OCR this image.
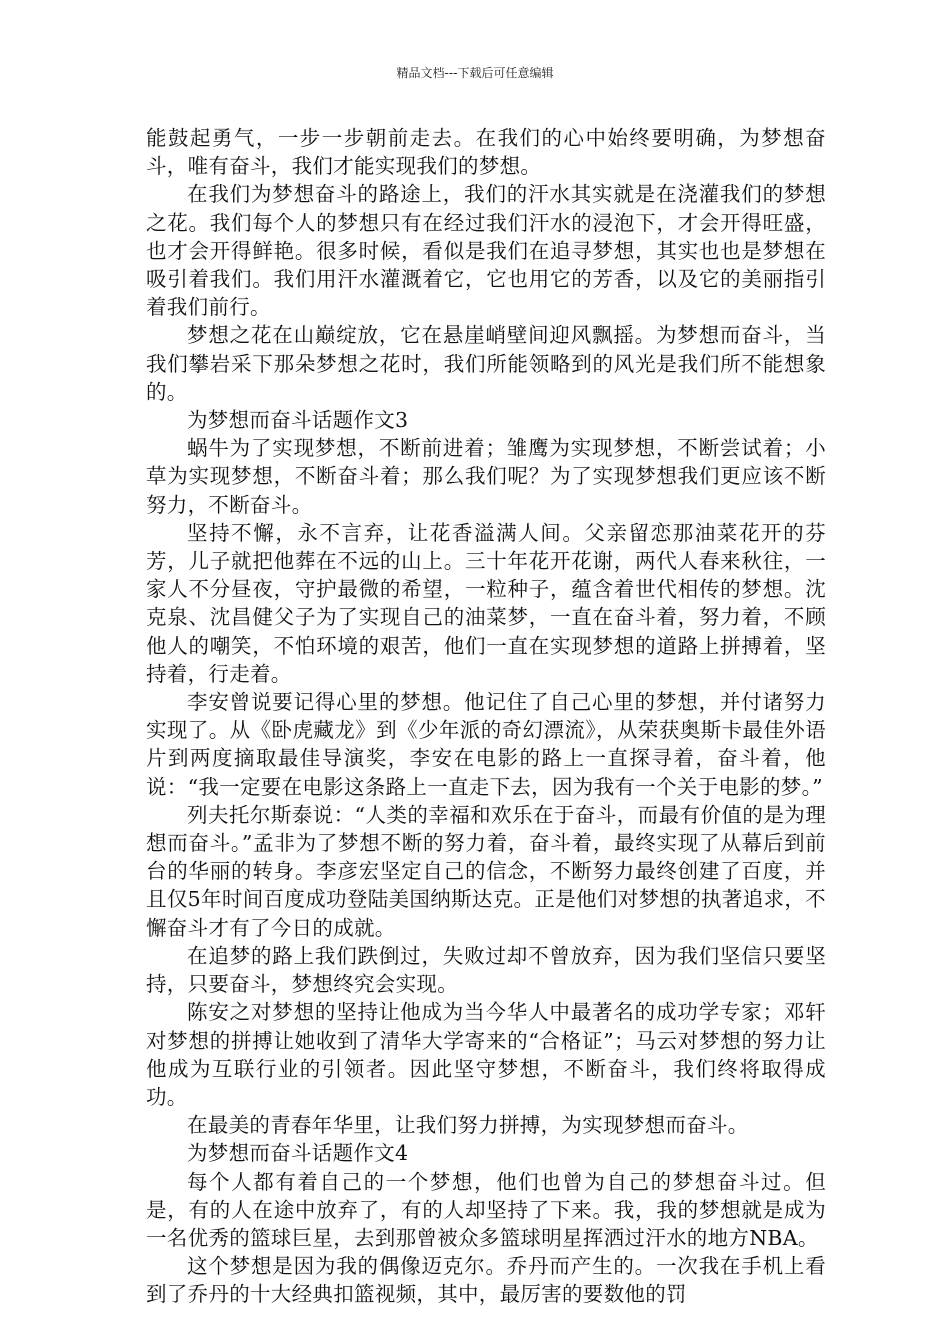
精品文档---下载后可任意编辑

能鼓起勇气，一步一步朝前走去。在我们的心中始终要明确，为梦想奋斗，唯有奋斗，我们才能实现我们的梦想。

在我们为梦想奋斗的路途上，我们的汗水其实就是在浇灌我们的梦想之花。我们每个人的梦想只有在经过我们汗水的浸泡下，才会开得旺盛，也才会开得鲜艳。很多时候，看似是我们在追寻梦想，其实也也是梦想在吸引着我们。我们用汗水灌溉着它，它也用它的芳香，以及它的美丽指引着我们前行。

梦想之花在山巅绽放，它在悬崖峭壁间迎风飘摇。为梦想而奋斗，当我们攀岩采下那朵梦想之花时，我们所能领略到的风光是我们所不能想象的。

为梦想而奋斗话题作文3

蜗牛为了实现梦想，不断前进着；雏鹰为实现梦想，不断尝试着；小草为实现梦想，不断奋斗着；那么我们呢？为了实现梦想我们更应该不断努力，不断奋斗。

坚持不懈，永不言弃，让花香溢满人间。父亲留恋那油菜花开的芬芳，儿子就把他葬在不远的山上。三十年花开花谢，两代人春来秋往，一家人不分昼夜，守护最微的希望，一粒种子，蕴含着世代相传的梦想。沈克泉、沈昌健父子为了实现自己的油菜梦，一直在奋斗着，努力着，不顾他人的嘲笑，不怕环境的艰苦，他们一直在实现梦想的道路上拼搏着，坚持着，行走着。

李安曾说要记得心里的梦想。他记住了自己心里的梦想，并付诸努力实现了。从《卧虎藏龙》到《少年派的奇幻漂流》，从荣获奥斯卡最佳外语片到两度摘取最佳导演奖，李安在电影的路上一直探寻着，奋斗着，他说：“我一定要在电影这条路上一直走下去，因为我有一个关于电影的梦。”

列夫托尔斯泰说：“人类的幸福和欢乐在于奋斗，而最有价值的是为理想而奋斗。”孟非为了梦想不断的努力着，奋斗着，最终实现了从幕后到前台的华丽的转身。李彦宏坚定自己的信念，不断努力最终创建了百度，并且仅5年时间百度成功登陆美国纳斯达克。正是他们对梦想的执著追求，不懈奋斗才有了今日的成就。

在追梦的路上我们跌倒过，失败过却不曾放弃，因为我们坚信只要坚持，只要奋斗，梦想终究会实现。

陈安之对梦想的坚持让他成为当今华人中最著名的成功学专家；邓轩对梦想的拼搏让她收到了清华大学寄来的“合格证”；马云对梦想的努力让他成为互联行业的引领者。因此坚守梦想，不断奋斗，我们终将取得成功。

在最美的青春年华里，让我们努力拼搏，为实现梦想而奋斗。

为梦想而奋斗话题作文4

每个人都有着自己的一个梦想，他们也曾为自己的梦想奋斗过。但是，有的人在途中放弃了，有的人却坚持了下来。我，我的梦想就是成为一名优秀的篮球巨星，去到那曾被众多篮球明星挥洒过汗水的地方NBA。

这个梦想是因为我的偶像迈克尔。乔丹而产生的。一次我在手机上看到了乔丹的十大经典扣篮视频，其中，最厉害的要数他的罚
